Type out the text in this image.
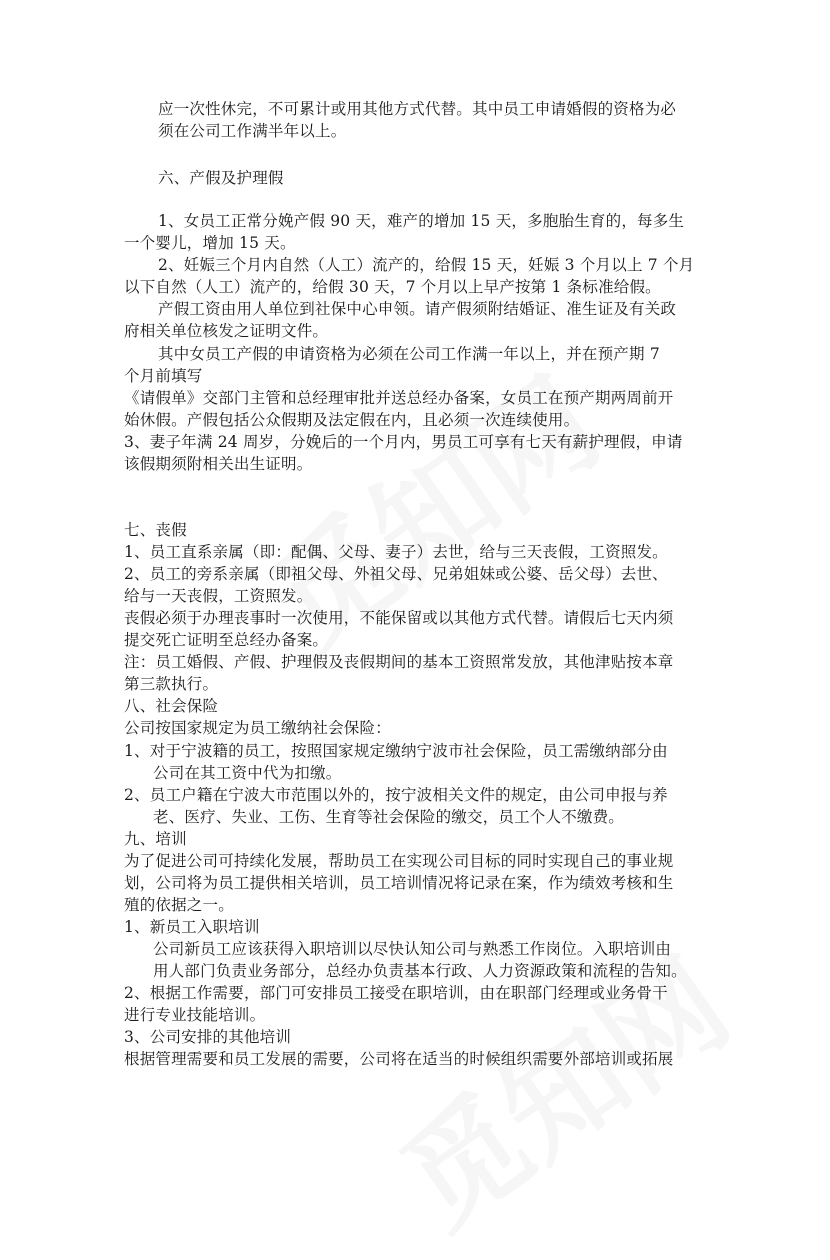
应一次性休完，不可累计或用其他方式代替。其中员工申请婚假的资格为必
须在公司工作满半年以上。
六、产假及护理假
1、女员工正常分娩产假 90 天，难产的增加 15 天，多胞胎生育的，每多生
一个婴儿，增加 15 天。
2、妊娠三个月内自然（人工）流产的，给假 15 天，妊娠 3 个月以上 7 个月
以下自然（人工）流产的，给假 30 天，7 个月以上早产按第 1 条标准给假。
产假工资由用人单位到社保中心申领。请产假须附结婚证、准生证及有关政
府相关单位核发之证明文件。
其中女员工产假的申请资格为必须在公司工作满一年以上，并在预产期 7
个月前填写
《请假单》交部门主管和总经理审批并送总经办备案，女员工在预产期两周前开
始休假。产假包括公众假期及法定假在内，且必须一次连续使用。
3、妻子年满 24 周岁，分娩后的一个月内，男员工可享有七天有薪护理假，申请
该假期须附相关出生证明。
七、丧假
1、员工直系亲属（即：配偶、父母、妻子）去世，给与三天丧假，工资照发。
2、员工的旁系亲属（即祖父母、外祖父母、兄弟姐妹或公婆、岳父母）去世、
给与一天丧假，工资照发。
丧假必须于办理丧事时一次使用，不能保留或以其他方式代替。请假后七天内须
提交死亡证明至总经办备案。
注：员工婚假、产假、护理假及丧假期间的基本工资照常发放，其他津贴按本章
第三款执行。
八、社会保险
公司按国家规定为员工缴纳社会保险：
1、对于宁波籍的员工，按照国家规定缴纳宁波市社会保险，员工需缴纳部分由
公司在其工资中代为扣缴。
2、员工户籍在宁波大市范围以外的，按宁波相关文件的规定，由公司申报与养
老、医疗、失业、工伤、生育等社会保险的缴交，员工个人不缴费。
九、培训
为了促进公司可持续化发展，帮助员工在实现公司目标的同时实现自己的事业规
划，公司将为员工提供相关培训，员工培训情况将记录在案，作为绩效考核和生
殖的依据之一。
1、新员工入职培训
公司新员工应该获得入职培训以尽快认知公司与熟悉工作岗位。入职培训由
用人部门负责业务部分，总经办负责基本行政、人力资源政策和流程的告知。
2、根据工作需要，部门可安排员工接受在职培训，由在职部门经理或业务骨干
进行专业技能培训。
3、公司安排的其他培训
根据管理需要和员工发展的需要，公司将在适当的时候组织需要外部培训或拓展
